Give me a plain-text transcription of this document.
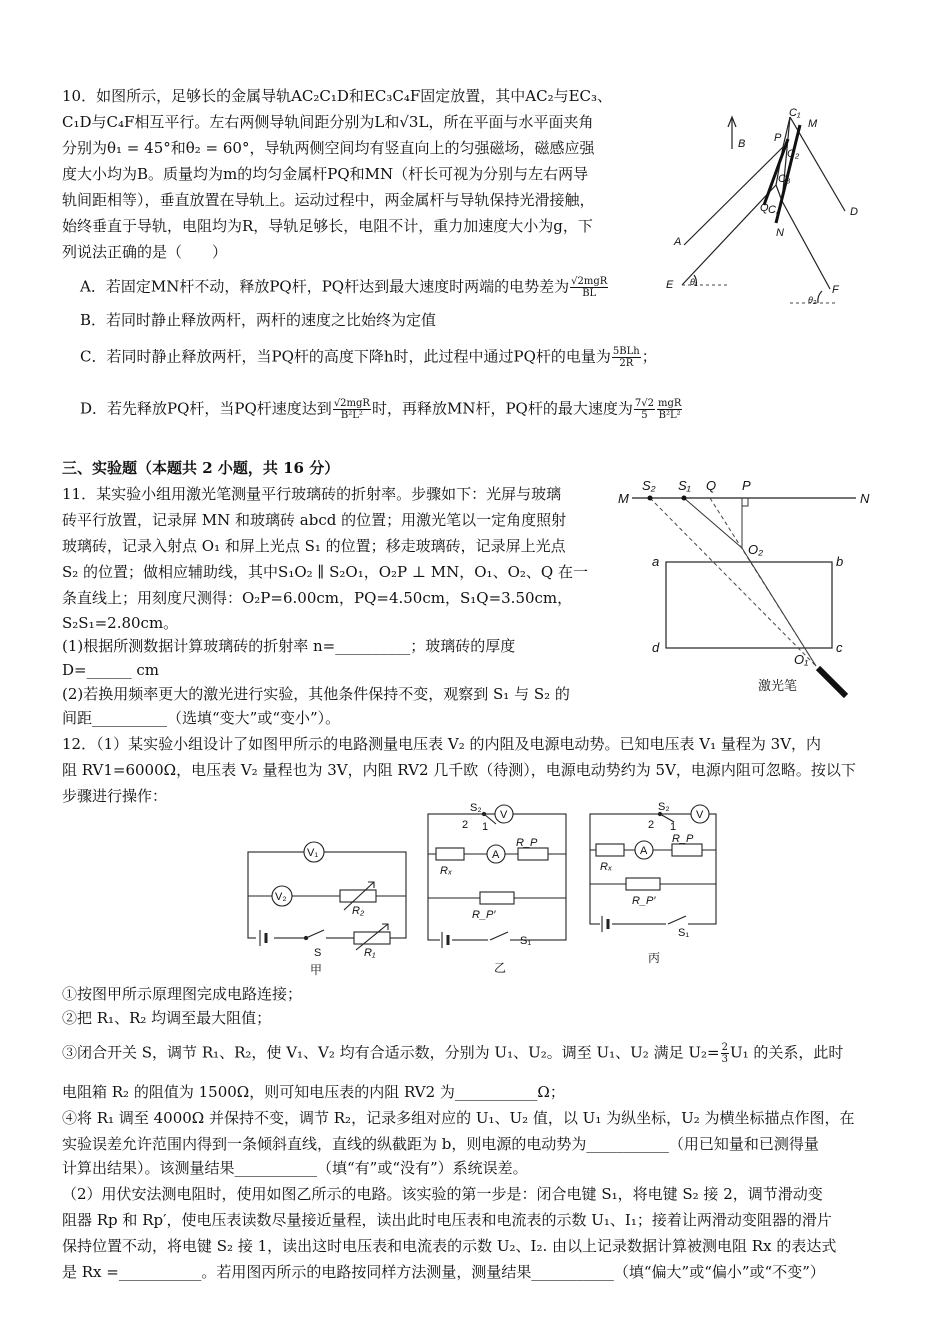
10．如图所示，足够长的金属导轨AC₂C₁D和EC₃C₄F固定放置，其中AC₂与EC₃、
C₁D与C₄F相互平行。左右两侧导轨间距分别为L和√3L，所在平面与水平面夹角
分别为θ₁ = 45°和θ₂ = 60°，导轨两侧空间均有竖直向上的匀强磁场，磁感应强
度大小均为B。质量均为m的均匀金属杆PQ和MN（杆长可视为分别与左右两导
轨间距相等），垂直放置在导轨上。运动过程中，两金属杆与导轨保持光滑接触，
始终垂直于导轨，电阻均为R，导轨足够长，电阻不计，重力加速度大小为g，下
列说法正确的是（　　）
A．若固定MN杆不动，释放PQ杆，PQ杆达到最大速度时两端的电势差为 $\frac{\text{√2mgR}}{BL}$
B．若同时静止释放两杆，两杆的速度之比始终为定值
C．若同时静止释放两杆，当PQ杆的高度下降h时，此过程中通过PQ杆的电量为 $\frac{\text{5BLh}}{2R}$ ；
D．若先释放PQ杆，当PQ杆速度达到 $\frac{\text{√2mgR}}{\text{B²L²}}$ 时，再释放MN杆，PQ杆的最大速度为 $\frac{7√2}{5} \frac{\text{mgR}}{\text{B²L²}}$
C₁
M
P
C₂
B
C₃
Q C₄
N
D
A
E θ₁
θ₂
F
三、实验题（本题共 2 小题，共 16 分）
11．某实验小组用激光笔测量平行玻璃砖的折射率。步骤如下：光屏与玻璃
砖平行放置，记录屏 MN 和玻璃砖 abcd 的位置；用激光笔以一定角度照射
玻璃砖，记录入射点 O₁ 和屏上光点 S₁ 的位置；移走玻璃砖，记录屏上光点
S₂ 的位置；做相应辅助线，其中S₁O₂ ∥ S₂O₁，O₂P ⊥ MN，O₁、O₂、Q 在一
条直线上；用刻度尺测得：O₂P=6.00cm，PQ=4.50cm，S₁Q=3.50cm，
S₂S₁=2.80cm。
(1)根据所测数据计算玻璃砖的折射率 n=__________；玻璃砖的厚度
D=______ cm
(2)若换用频率更大的激光进行实验，其他条件保持不变，观察到 S₁ 与 S₂ 的
间距__________（选填“变大”或“变小”）。
S₂ S₁ Q P
M	N
O₂
a	b
d	c
O₁
激光笔
12．（1）某实验小组设计了如图甲所示的电路测量电压表 V₂ 的内阻及电源电动势。已知电压表 V₁ 量程为 3V，内
阻 RV1=6000Ω，电压表 V₂ 量程也为 3V，内阻 RV2 几千欧（待测），电源电动势约为 5V，电源内阻可忽略。按以下
步骤进行操作：
V₁
V₂
R₂
S	R₁
甲
S₂
V
2 1
Rₓ
A
R_P
R_P′
S₁
乙
S₂
V
2 1
R_P
A
Rₓ
R_P′
S₁
丙
①按图甲所示原理图完成电路连接；
②把 R₁、R₂ 均调至最大阻值；
③闭合开关 S，调节 R₁、R₂，使 V₁、V₂ 均有合适示数，分别为 U₁、U₂。调至 U₁、U₂ 满足 $U_2= \frac{2}{3} U_1$ 的关系，此时
电阻箱 R₂ 的阻值为 1500Ω，则可知电压表的内阻 RV2 为___________Ω；
④将 R₁ 调至 4000Ω 并保持不变，调节 R₂，记录多组对应的 U₁、U₂ 值，以 U₁ 为纵坐标，U₂ 为横坐标描点作图，在
实验误差允许范围内得到一条倾斜直线，直线的纵截距为 b，则电源的电动势为___________（用已知量和已测得量
计算出结果）。该测量结果___________（填“有”或“没有”）系统误差。
（2）用伏安法测电阻时，使用如图乙所示的电路。该实验的第一步是：闭合电键 S₁，将电键 S₂ 接 2，调节滑动变
阻器 Rp 和 Rp′，使电压表读数尽量接近量程，读出此时电压表和电流表的示数 U₁、I₁；接着让两滑动变阻器的滑片
保持位置不动，将电键 S₂ 接 1，读出这时电压表和电流表的示数 U₂、I₂. 由以上记录数据计算被测电阻 Rx 的表达式
是 Rx =___________。若用图丙所示的电路按同样方法测量，测量结果___________（填“偏大”或“偏小”或“不变”）
